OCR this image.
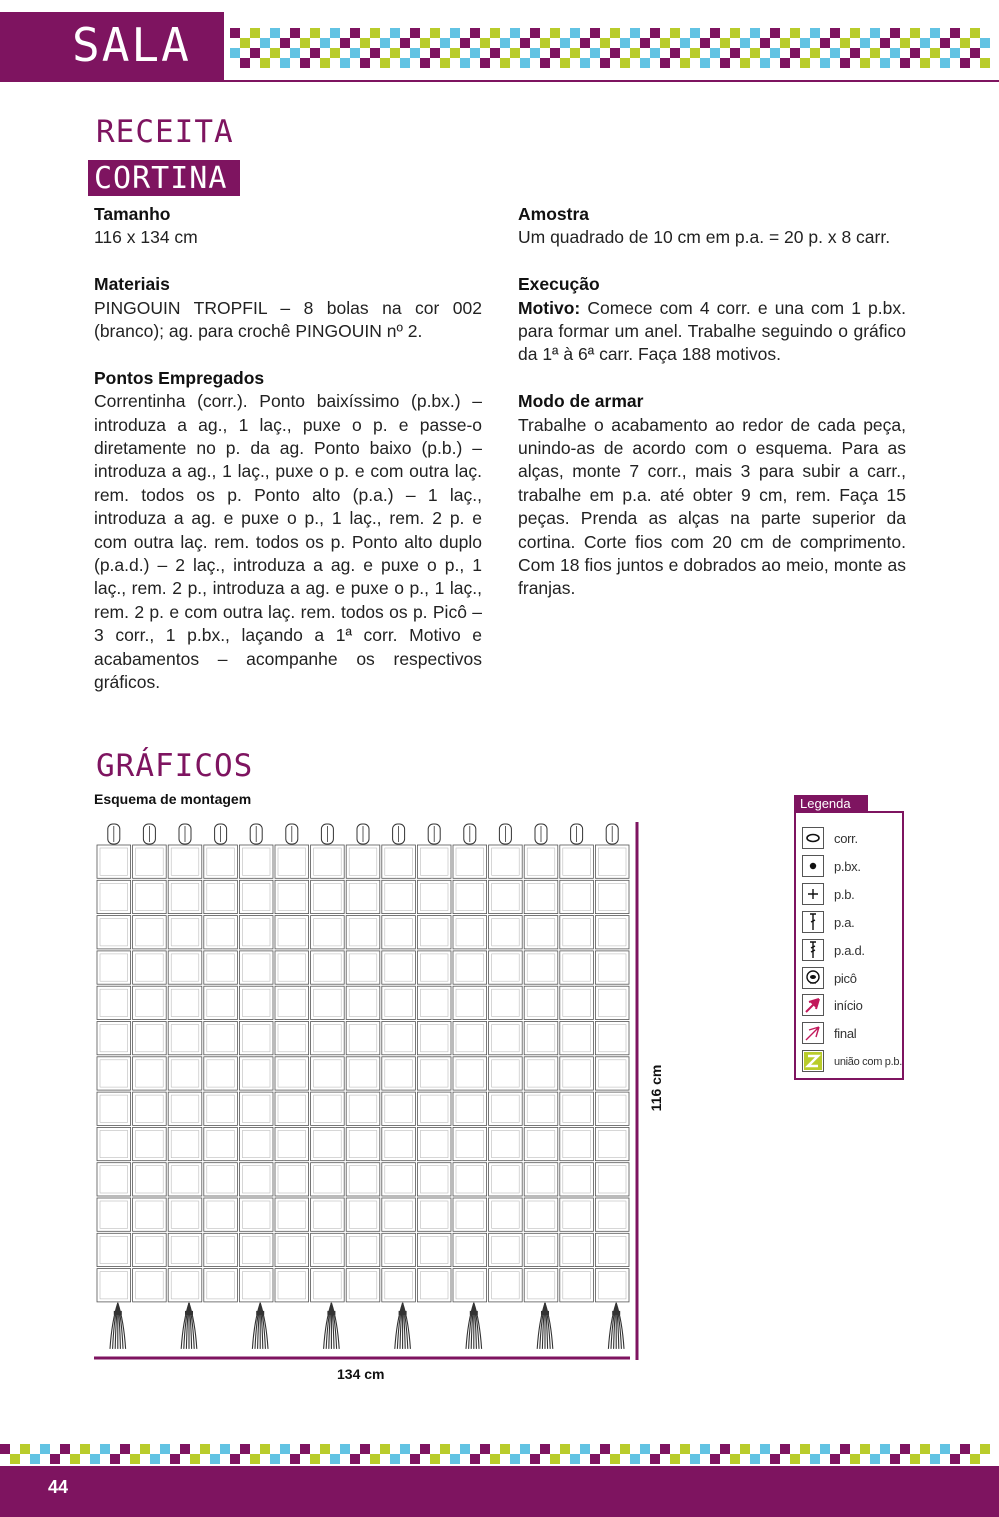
SALA
RECEITA
CORTINA
Tamanho

116 x 134 cm

Materiais

PINGOUIN TROPFIL – 8 bolas na cor 002 (branco); ag. para crochê PINGOUIN nº 2.

Pontos Empregados

Correntinha (corr.). Ponto baixíssimo (p.bx.) – introduza a ag., 1 laç., puxe o p. e passe-o diretamente no p. da ag. Ponto baixo (p.b.) – introduza a ag., 1 laç., puxe o p. e com outra laç. rem. todos os p. Ponto alto (p.a.) – 1 laç., introduza a ag. e puxe o p., 1 laç., rem. 2 p. e com outra laç. rem. todos os p. Ponto alto duplo (p.a.d.) – 2 laç., introduza a ag. e puxe o p., 1 laç., rem. 2 p., introduza a ag. e puxe o p., 1 laç., rem. 2 p. e com outra laç. rem. todos os p. Picô – 3 corr., 1 p.bx., laçando a 1ª corr. Motivo e acabamentos – acompanhe os respectivos gráficos.

Amostra

Um quadrado de 10 cm em p.a. = 20 p. x 8 carr.

Execução

Motivo: Comece com 4 corr. e una com 1 p.bx. para formar um anel. Trabalhe seguindo o gráfico da 1ª à 6ª carr. Faça 188 motivos.

Modo de armar

Trabalhe o acabamento ao redor de cada peça, unindo-as de acordo com o esquema. Para as alças, monte 7 corr., mais 3 para subir a carr., trabalhe em p.a. até obter 9 cm, rem. Faça 15 peças. Prenda as alças na parte superior da cortina. Corte fios com 20 cm de comprimento. Com 18 fios juntos e dobrados ao meio, monte as franjas.

GRÁFICOS
Esquema de montagem
134 cm
116 cm
Legenda
corr.
p.bx.
p.b.
p.a.
p.a.d.
picô
início
final
união com p.b.
44
